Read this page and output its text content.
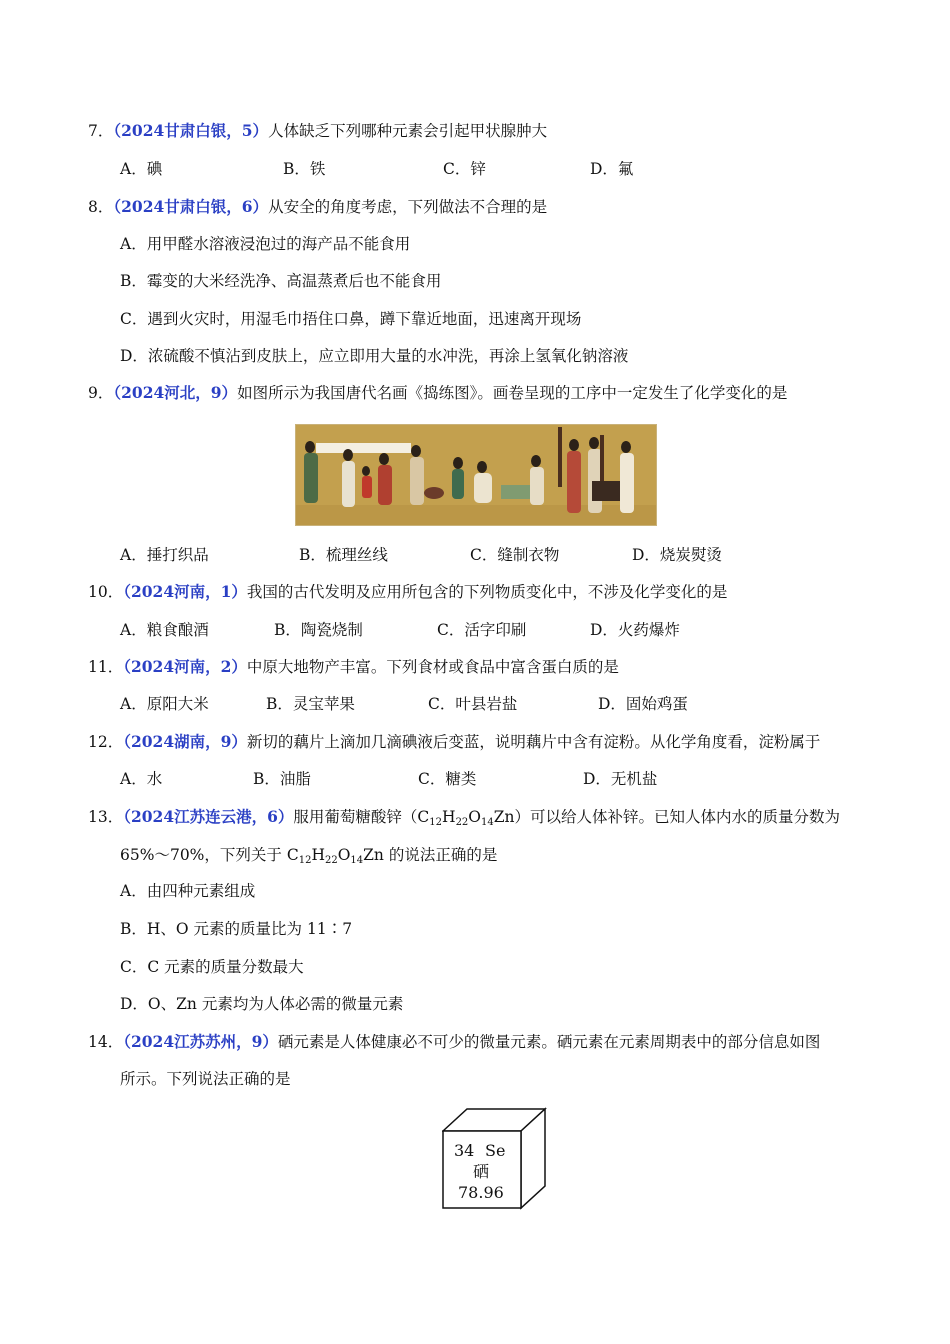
7．（2024甘肃白银，5）人体缺乏下列哪种元素会引起甲状腺肿大
A．碘	B．铁	C．锌	D．氟
8．（2024甘肃白银，6）从安全的角度考虑，下列做法不合理的是
A．用甲醛水溶液浸泡过的海产品不能食用
B．霉变的大米经洗净、高温蒸煮后也不能食用
C．遇到火灾时，用湿毛巾捂住口鼻，蹲下靠近地面，迅速离开现场
D．浓硫酸不慎沾到皮肤上，应立即用大量的水冲洗，再涂上氢氧化钠溶液
9．（2024河北，9）如图所示为我国唐代名画《捣练图》。画卷呈现的工序中一定发生了化学变化的是
A．捶打织品	B．梳理丝线	C．缝制衣物	D．烧炭熨烫
10．（2024河南，1）我国的古代发明及应用所包含的下列物质变化中，不涉及化学变化的是
A．粮食酿酒	B．陶瓷烧制	C．活字印刷	D．火药爆炸
11．（2024河南，2）中原大地物产丰富。下列食材或食品中富含蛋白质的是
A．原阳大米	B．灵宝苹果	C．叶县岩盐	D．固始鸡蛋
12．（2024湖南，9）新切的藕片上滴加几滴碘液后变蓝，说明藕片中含有淀粉。从化学角度看，淀粉属于
A．水	B．油脂	C．糖类	D．无机盐
13．（2024江苏连云港，6）服用葡萄糖酸锌$(C_{12}H_{22}O_{14}Zn)$可以给人体补锌。已知人体内水的质量分数为
65%～70%，下列关于 $C_{12}H_{22}O_{14}Zn$ 的说法正确的是
A．由四种元素组成
B．H、O 元素的质量比为 11∶7
C．C 元素的质量分数最大
D．O、Zn 元素均为人体必需的微量元素
14．（2024江苏苏州，9）硒元素是人体健康必不可少的微量元素。硒元素在元素周期表中的部分信息如图
所示。下列说法正确的是
34 Se
硒
78.96
